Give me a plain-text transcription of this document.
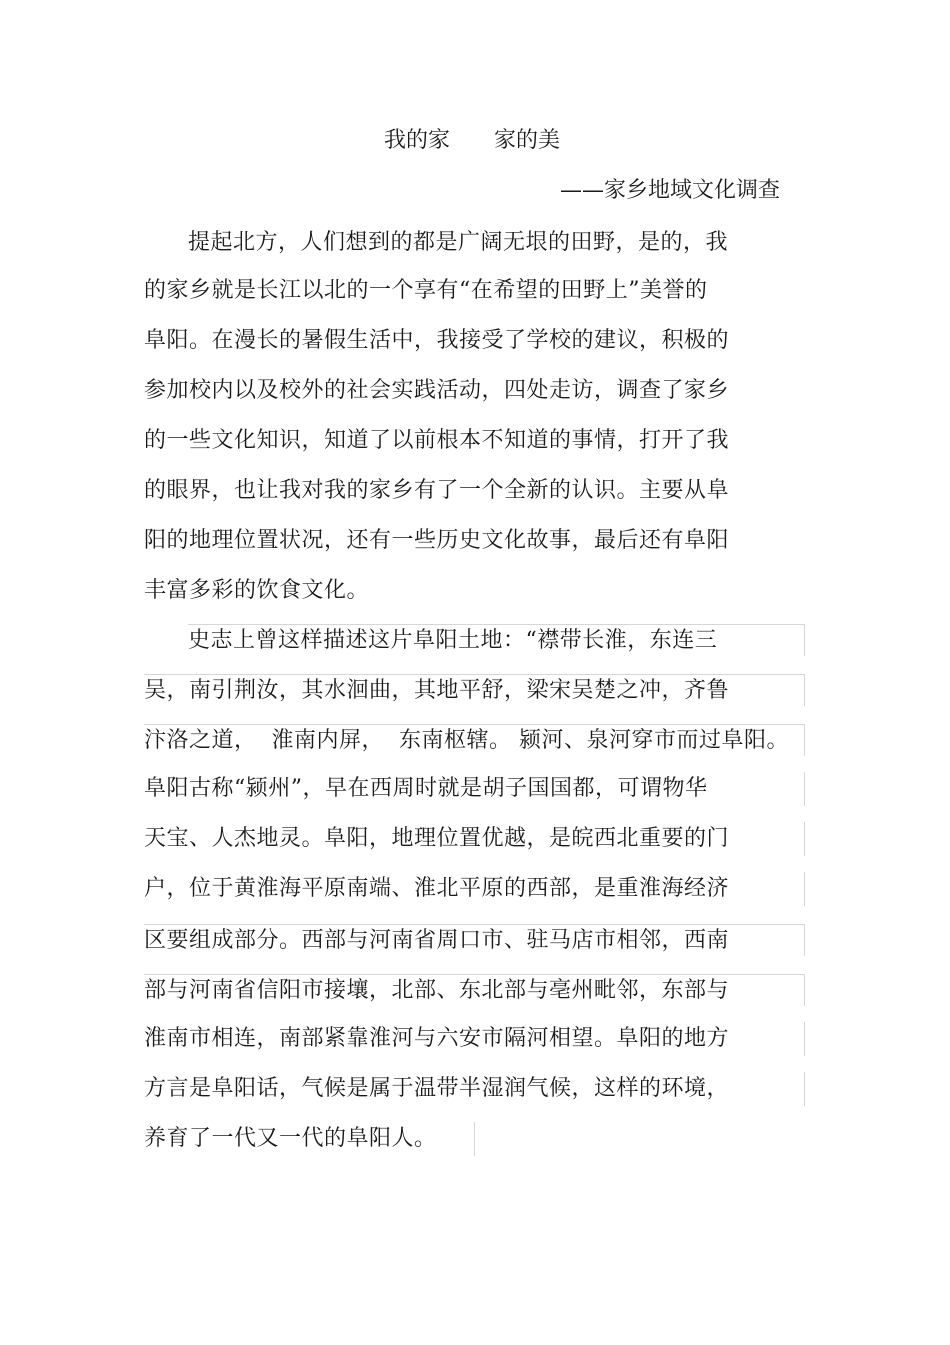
我的家　　家的美
——家乡地域文化调查
提起北方，人们想到的都是广阔无垠的田野，是的，我
的家乡就是长江以北的一个享有“在希望的田野上”美誉的
阜阳。在漫长的暑假生活中，我接受了学校的建议，积极的
参加校内以及校外的社会实践活动，四处走访，调查了家乡
的一些文化知识，知道了以前根本不知道的事情，打开了我
的眼界，也让我对我的家乡有了一个全新的认识。主要从阜
阳的地理位置状况，还有一些历史文化故事，最后还有阜阳
丰富多彩的饮食文化。
史志上曾这样描述这片阜阳土地：“襟带长淮，东连三
吴，南引荆汝，其水洄曲，其地平舒，梁宋吴楚之冲，齐鲁
汴洛之道，  淮南内屏，  东南枢辖。 颍河、泉河穿市而过阜阳。
阜阳古称“颍州”，早在西周时就是胡子国国都，可谓物华
天宝、人杰地灵。阜阳，地理位置优越，是皖西北重要的门
户，位于黄淮海平原南端、淮北平原的西部，是重淮海经济
区要组成部分。西部与河南省周口市、驻马店市相邻，西南
部与河南省信阳市接壤，北部、东北部与亳州毗邻，东部与
淮南市相连，南部紧靠淮河与六安市隔河相望。阜阳的地方
方言是阜阳话，气候是属于温带半湿润气候，这样的环境，
养育了一代又一代的阜阳人。
